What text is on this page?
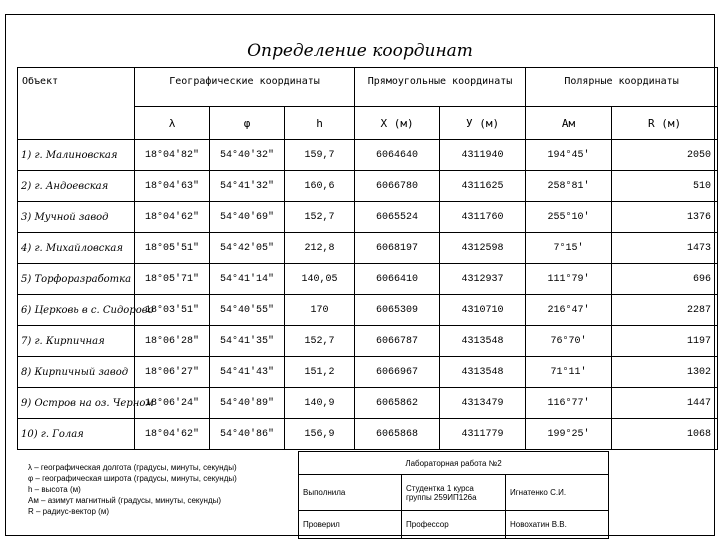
Определение координат
Объект	Географические координаты			Прямоугольные координаты		Полярные координаты	
	λ	φ	h	X (м)	У (м)	Ам	R (м)
1) г. Малиновская	18°04'82"	54°40'32"	159,7	6064640	4311940	194°45'	2050
2) г. Андоевская	18°04'63"	54°41'32"	160,6	6066780	4311625	258°81'	510
3) Мучной завод	18°04'62"	54°40'69"	152,7	6065524	4311760	255°10'	1376
4) г. Михайловская	18°05'51"	54°42'05"	212,8	6068197	4312598	7°15'	1473
5) Торфоразработка	18°05'71"	54°41'14"	140,05	6066410	4312937	111°79'	696
6) Церковь в с. Сидорово	18°03'51"	54°40'55"	170	6065309	4310710	216°47'	2287
7) г. Кирпичная	18°06'28"	54°41'35"	152,7	6066787	4313548	76°70'	1197
8) Кирпичный завод	18°06'27"	54°41'43"	151,2	6066967	4313548	71°11'	1302
9) Остров на оз. Черном	18°06'24"	54°40'89"	140,9	6065862	4313479	116°77'	1447
10) г. Голая	18°04'62"	54°40'86"	156,9	6065868	4311779	199°25'	1068
λ – географическая долгота (градусы, минуты, секунды)
φ – географическая широта (градусы, минуты, секунды)
h – высота (м)
Ам – азимут магнитный (градусы, минуты, секунды)
R – радиус-вектор (м)
Лабораторная работа №2		
Выполнила	Студентка 1 курса группы 259ИП126а	Игнатенко С.И.
Проверил	Профессор	Новохатин В.В.
